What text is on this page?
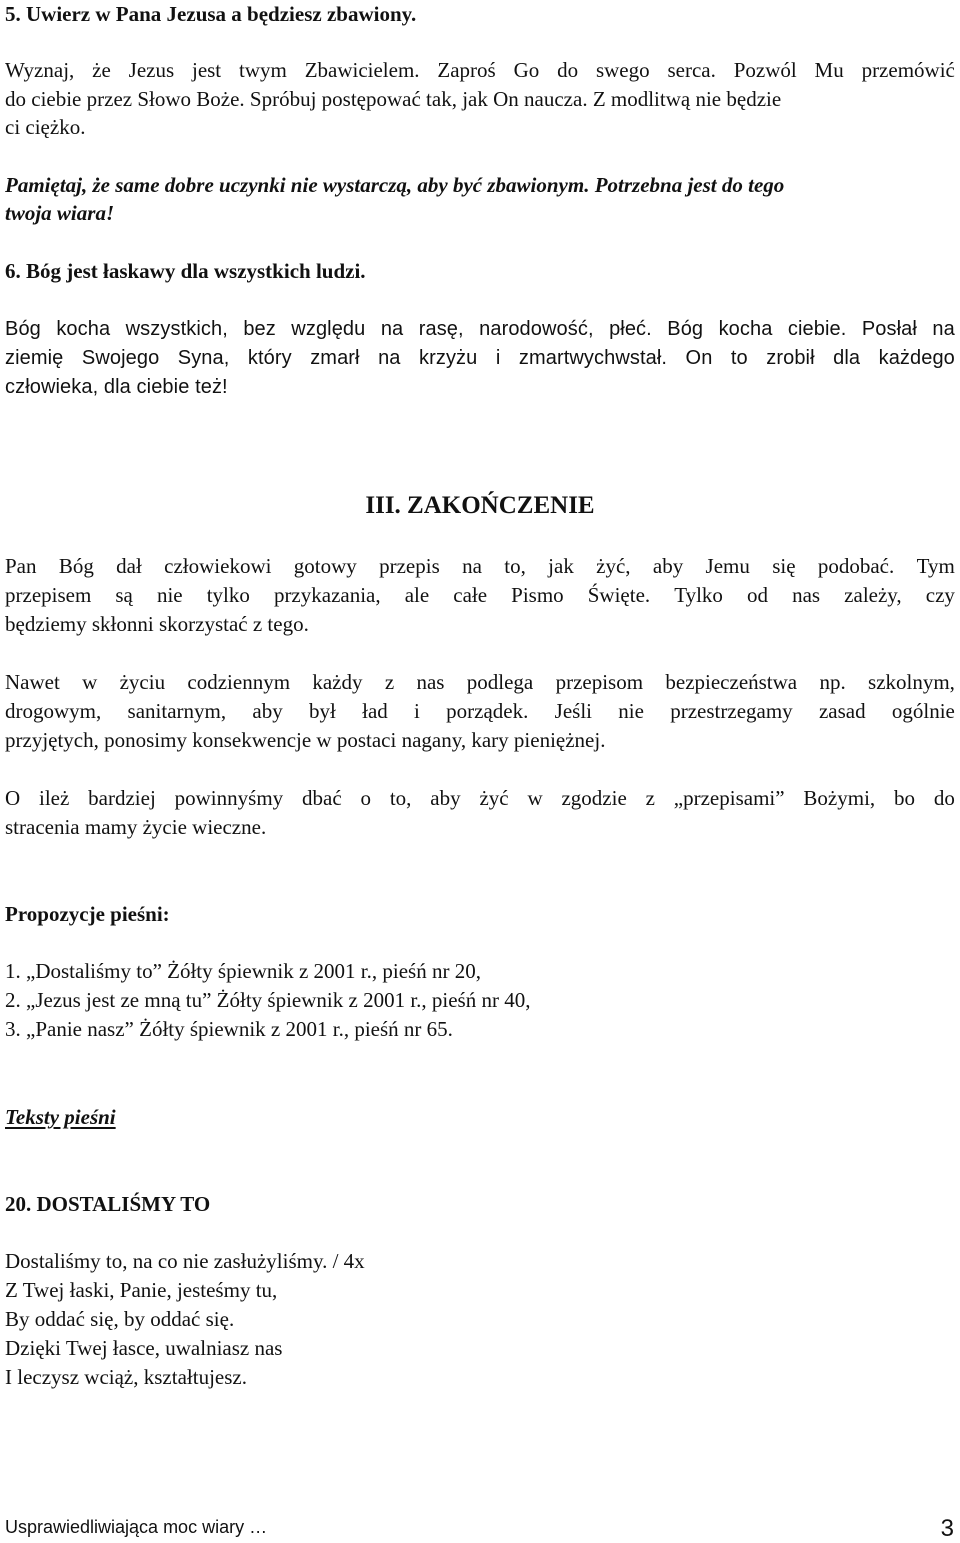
5. Uwierz w Pana Jezusa a będziesz zbawiony.
Wyznaj, że Jezus jest twym Zbawicielem. Zaproś Go do swego serca. Pozwól Mu przemówić
do ciebie przez Słowo Boże. Spróbuj postępować tak, jak On naucza. Z modlitwą nie będzie
ci ciężko.
Pamiętaj, że same dobre uczynki nie wystarczą, aby być zbawionym. Potrzebna jest do tego
twoja wiara!
6. Bóg jest łaskawy dla wszystkich ludzi.
Bóg kocha wszystkich, bez względu na rasę, narodowość, płeć. Bóg kocha ciebie. Posłał na
ziemię Swojego Syna, który zmarł na krzyżu i zmartwychwstał. On to zrobił dla każdego
człowieka, dla ciebie też!
III. ZAKOŃCZENIE
Pan Bóg dał człowiekowi gotowy przepis na to, jak żyć, aby Jemu się podobać. Tym
przepisem są nie tylko przykazania, ale całe Pismo Święte. Tylko od nas zależy, czy
będziemy skłonni skorzystać z tego.
Nawet w życiu codziennym każdy z nas podlega przepisom bezpieczeństwa np. szkolnym,
drogowym, sanitarnym, aby był ład i porządek. Jeśli nie przestrzegamy zasad ogólnie
przyjętych, ponosimy konsekwencje w postaci nagany, kary pieniężnej.
O ileż bardziej powinnyśmy dbać o to, aby żyć w zgodzie z „przepisami” Bożymi, bo do
stracenia mamy życie wieczne.
Propozycje pieśni:
1. „Dostaliśmy to” Żółty śpiewnik z 2001 r., pieśń nr 20,
2. „Jezus jest ze mną tu” Żółty śpiewnik z 2001 r., pieśń nr 40,
3. „Panie nasz” Żółty śpiewnik z 2001 r., pieśń nr 65.
Teksty pieśni
20. DOSTALIŚMY TO
Dostaliśmy to, na co nie zasłużyliśmy. / 4x
Z Twej łaski, Panie, jesteśmy tu,
By oddać się, by oddać się.
Dzięki Twej łasce, uwalniasz nas
I leczysz wciąż, kształtujesz.
Usprawiedliwiająca moc wiary …	3
